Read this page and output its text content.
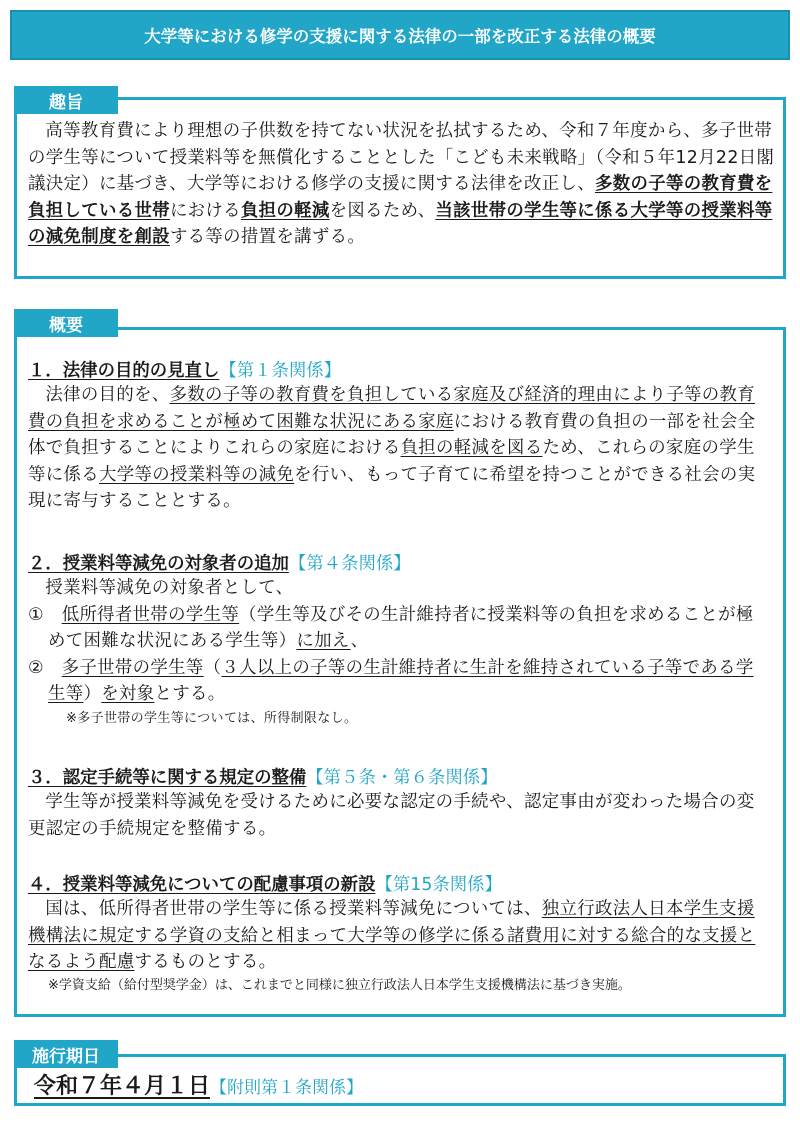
大学等における修学の支援に関する法律の一部を改正する法律の概要
趣旨
高等教育費により理想の子供数を持てない状況を払拭するため、令和７年度から、多子世帯の学生等について授業料等を無償化することとした「こども未来戦略」（令和５年12月22日閣議決定）に基づき、大学等における修学の支援に関する法律を改正し、多数の子等の教育費を負担している世帯における負担の軽減を図るため、当該世帯の学生等に係る大学等の授業料等の減免制度を創設する等の措置を講ずる。
概要
１．法律の目的の見直し【第１条関係】
法律の目的を、多数の子等の教育費を負担している家庭及び経済的理由により子等の教育費の負担を求めることが極めて困難な状況にある家庭における教育費の負担の一部を社会全体で負担することによりこれらの家庭における負担の軽減を図るため、これらの家庭の学生等に係る大学等の授業料等の減免を行い、もって子育てに希望を持つことができる社会の実現に寄与することとする。
２．授業料等減免の対象者の追加【第４条関係】

授業料等減免の対象者として、

①　 低所得者世帯の学生等（学生等及びその生計維持者に授業料等の負担を求めることが極めて困難な状況にある学生等）に加え、

②　 多子世帯の学生等（３人以上の子等の生計維持者に生計を維持されている子等である学生等）を対象とする。

※多子世帯の学生等については、所得制限なし。

３．認定手続等に関する規定の整備【第５条・第６条関係】
学生等が授業料等減免を受けるために必要な認定の手続や、認定事由が変わった場合の変更認定の手続規定を整備する。
４．授業料等減免についての配慮事項の新設【第15条関係】
国は、低所得者世帯の学生等に係る授業料等減免については、独立行政法人日本学生支援機構法に規定する学資の支給と相まって大学等の修学に係る諸費用に対する総合的な支援となるよう配慮するものとする。
※学資支給（給付型奨学金）は、これまでと同様に独立行政法人日本学生支援機構法に基づき実施。
施行期日
令和７年４月１日【附則第１条関係】
